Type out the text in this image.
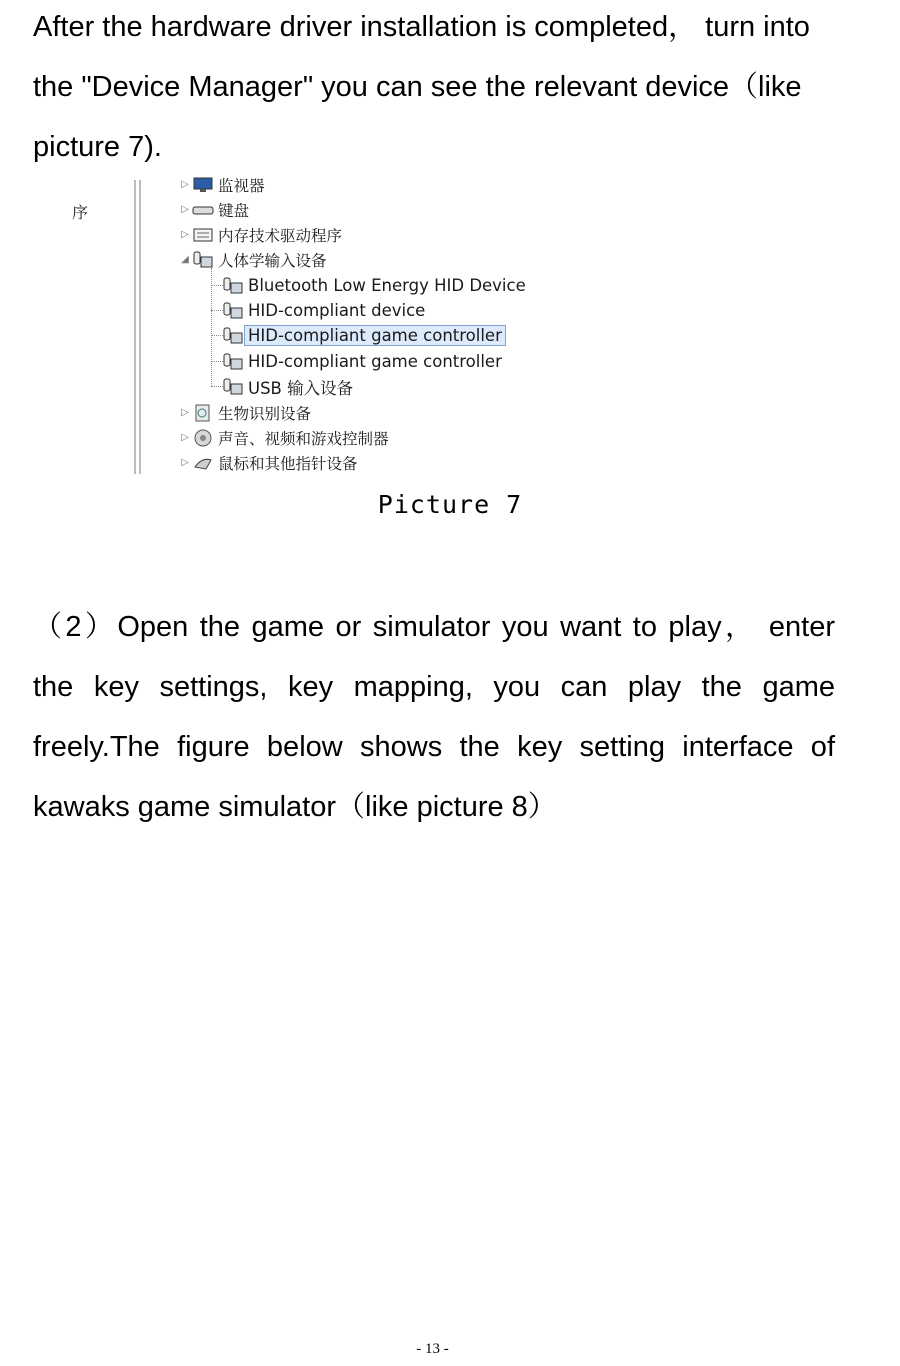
After the hardware driver installation is completed， turn into the "Device Manager" you can see the relevant device（like picture 7).

序
▷ 监视器
▷ 键盘
▷ 内存技术驱动程序
◢ 人体学输入设备
Bluetooth Low Energy HID Device
HID-compliant device
HID-compliant game controller
HID-compliant game controller
USB 输入设备
▷ 生物识别设备
▷ 声音、视频和游戏控制器
▷ 鼠标和其他指针设备
Picture 7

（2）Open the game or simulator you want to play， enter the key settings, key mapping, you can play the game freely.The figure below shows the key setting interface of kawaks game simulator（like picture 8）

- 13 -
